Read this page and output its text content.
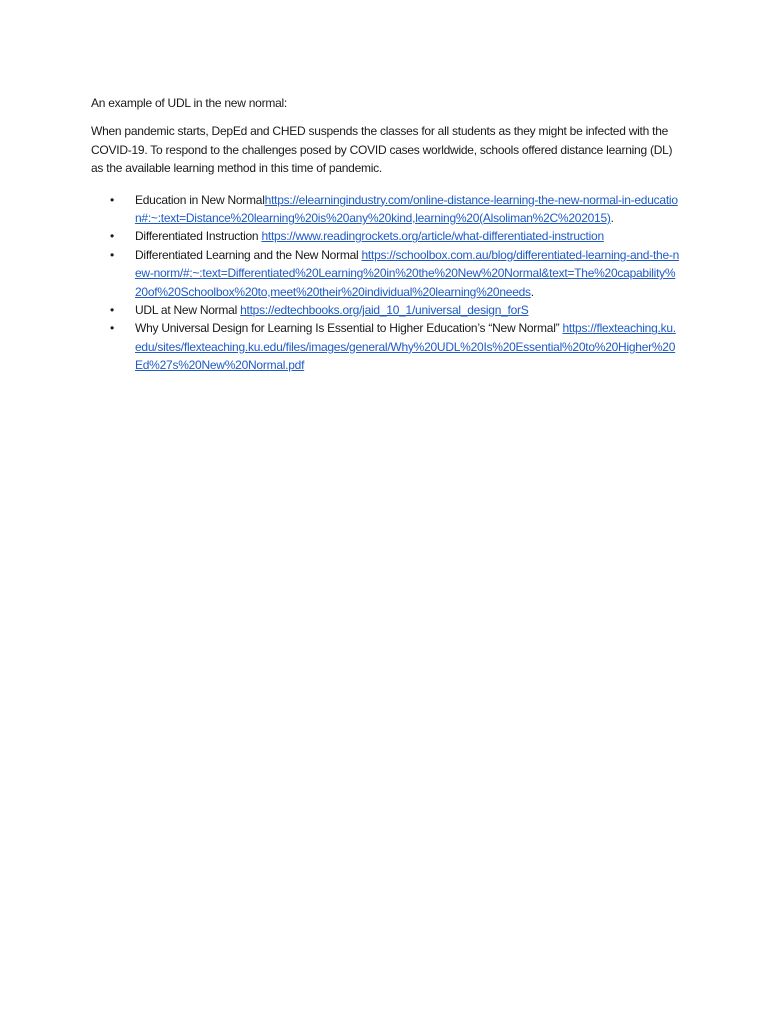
An example of UDL in the new normal:

When pandemic starts, DepEd and CHED suspends the classes for all students as they might be infected with the COVID-19. To respond to the challenges posed by COVID cases worldwide, schools offered distance learning (DL) as the available learning method in this time of pandemic.

• Education in New Normalhttps://elearningindustry.com/online-distance-learning-the-new-normal-in-education#:~:text=Distance%20learning%20is%20any%20kind,learning%20(Alsoliman%2C%202015).
• Differentiated Instruction https://www.readingrockets.org/article/what-differentiated-instruction
• Differentiated Learning and the New Normal https://schoolbox.com.au/blog/differentiated-learning-and-the-new-norm/#:~:text=Differentiated%20Learning%20in%20the%20New%20Normal&text=The%20capability%20of%20Schoolbox%20to,meet%20their%20individual%20learning%20needs.
• UDL at New Normal https://edtechbooks.org/jaid_10_1/universal_design_forS
• Why Universal Design for Learning Is Essential to Higher Education’s “New Normal” https://flexteaching.ku.edu/sites/flexteaching.ku.edu/files/images/general/Why%20UDL%20Is%20Essential%20to%20Higher%20Ed%27s%20New%20Normal.pdf
